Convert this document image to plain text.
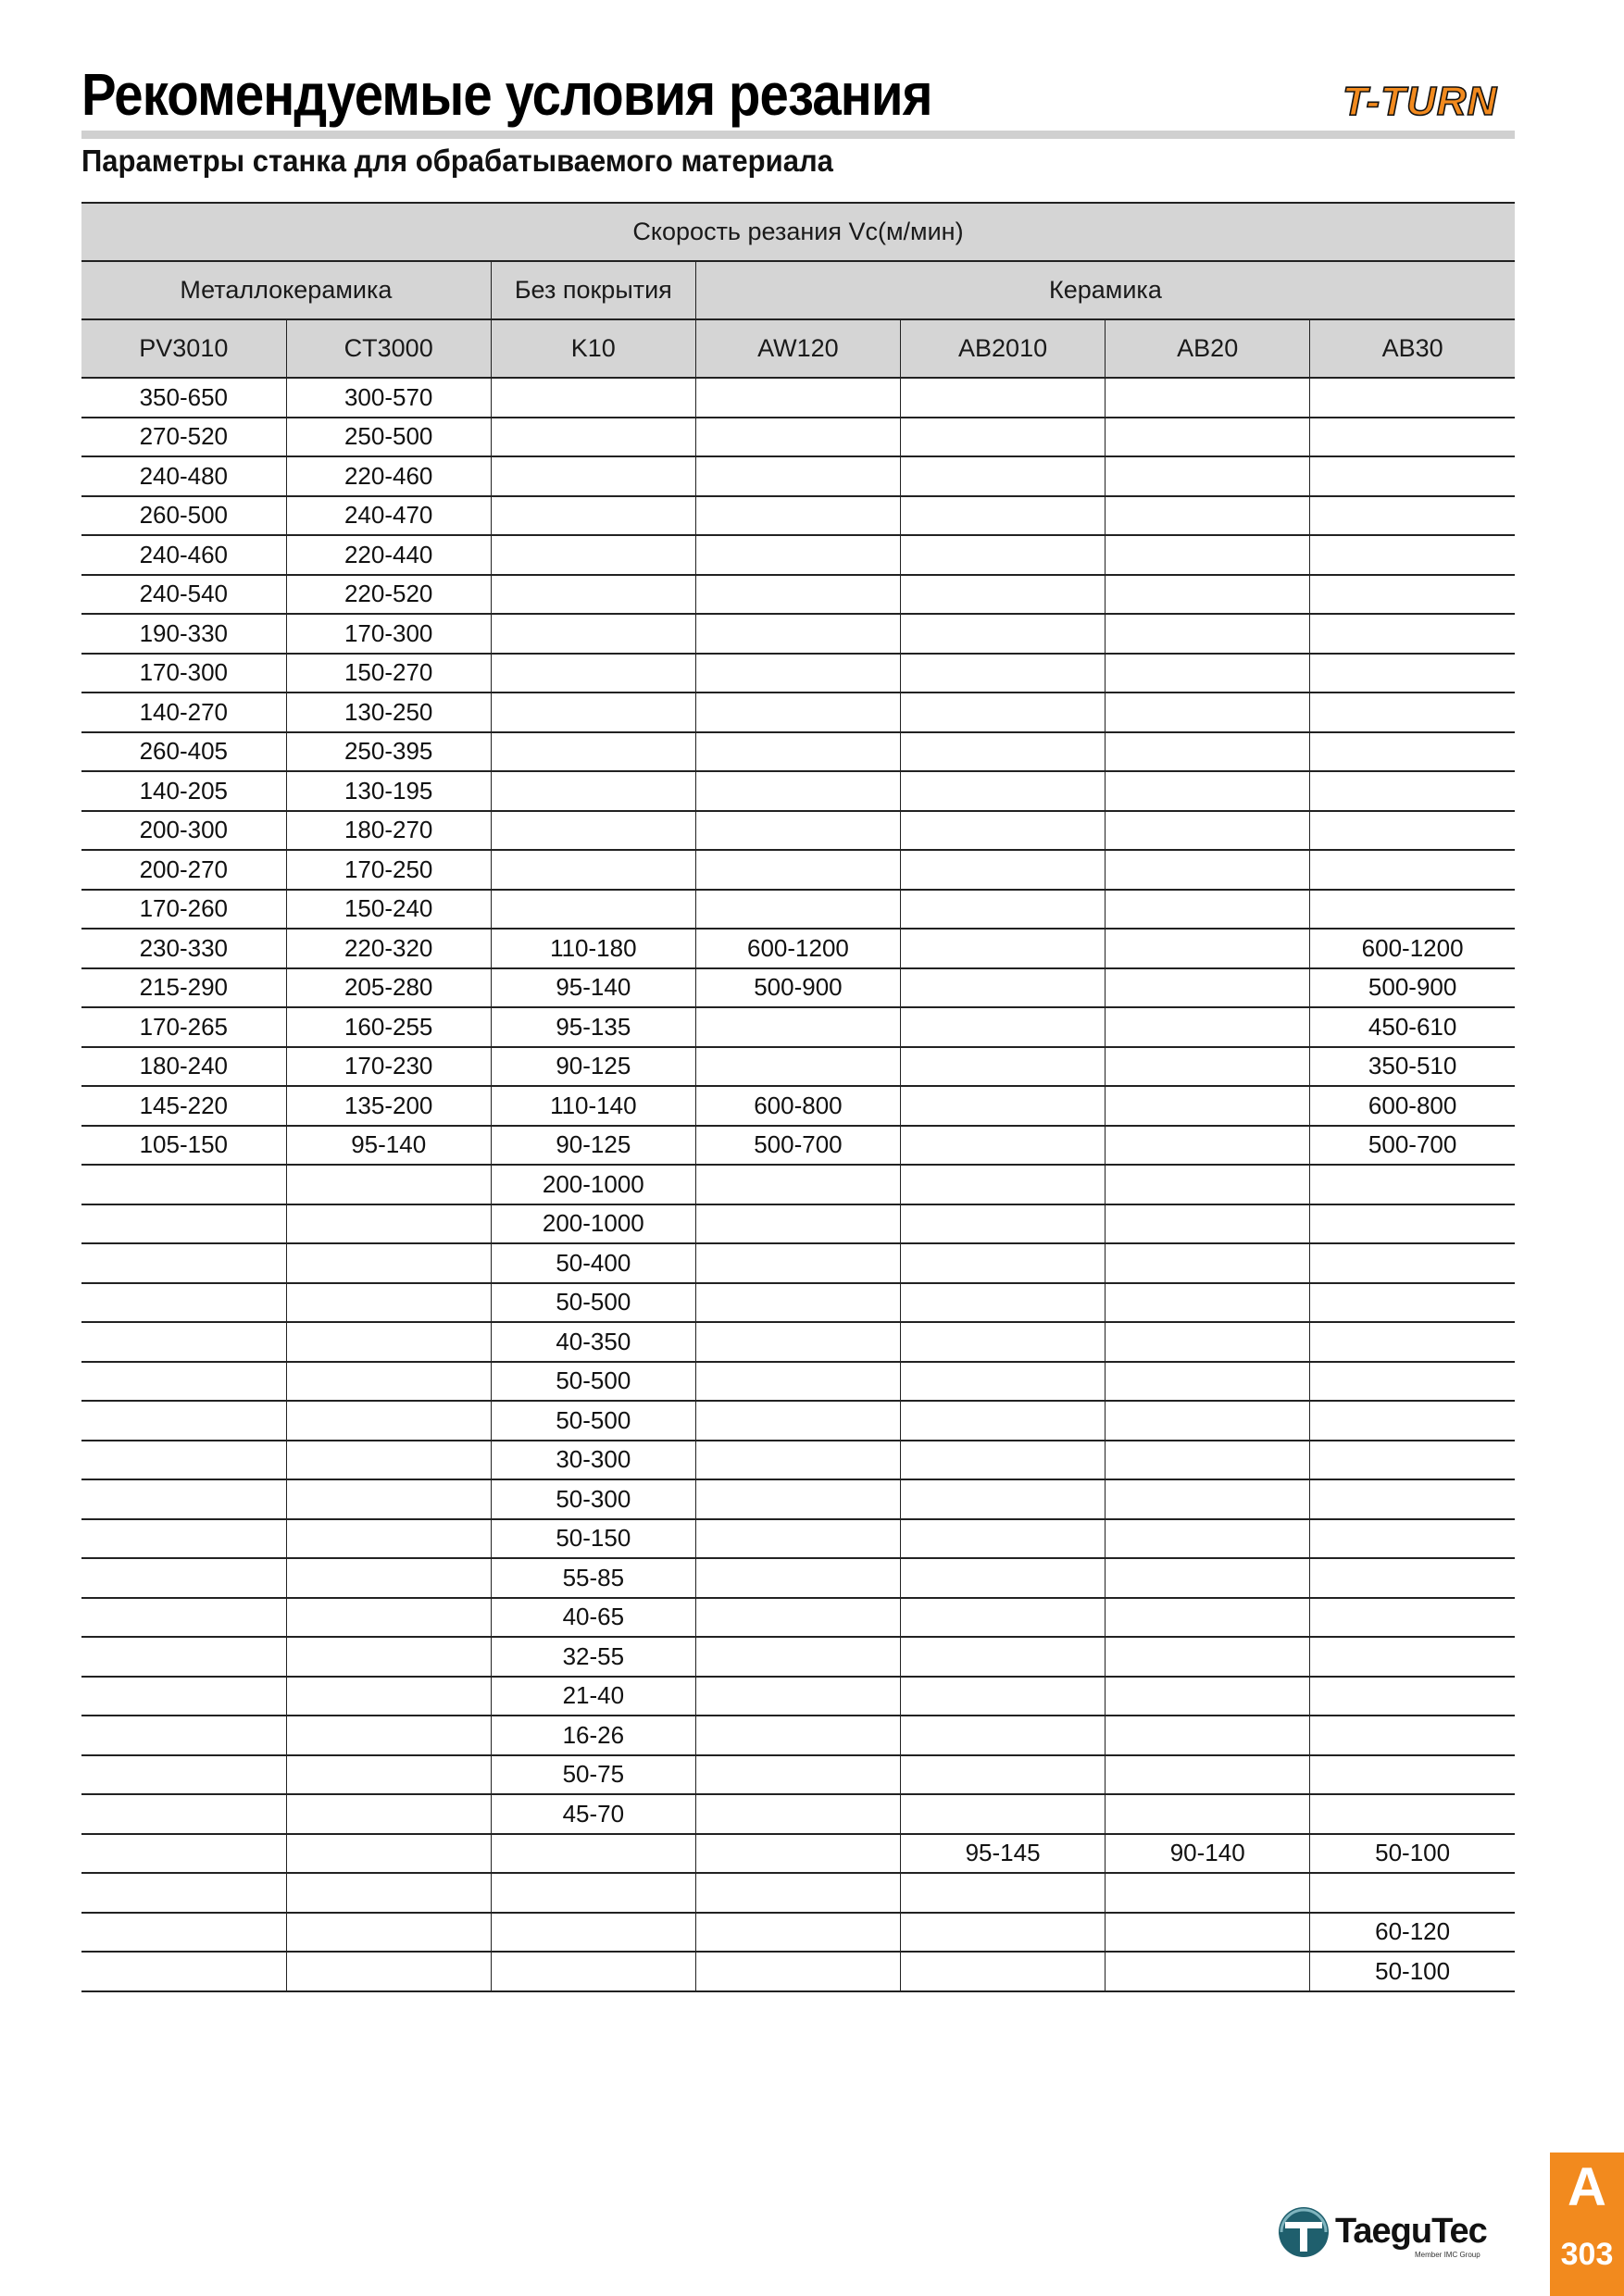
Рекомендуемые условия резания	T-TURN
Параметры станка для обрабатываемого материала
Скорость резания Vc(м/мин)						
Металлокерамика		Без покрытия	Керамика			
PV3010	CT3000	K10	AW120	AB2010	AB20	AB30
350-650	300-570					
270-520	250-500					
240-480	220-460					
260-500	240-470					
240-460	220-440					
240-540	220-520					
190-330	170-300					
170-300	150-270					
140-270	130-250					
260-405	250-395					
140-205	130-195					
200-300	180-270					
200-270	170-250					
170-260	150-240					
230-330	220-320	110-180	600-1200			600-1200
215-290	205-280	95-140	500-900			500-900
170-265	160-255	95-135				450-610
180-240	170-230	90-125				350-510
145-220	135-200	110-140	600-800			600-800
105-150	95-140	90-125	500-700			500-700
		200-1000				
		200-1000				
		50-400				
		50-500				
		40-350				
		50-500				
		50-500				
		30-300				
		50-300				
		50-150				
		55-85				
		40-65				
		32-55				
		21-40				
		16-26				
		50-75				
		45-70				
				95-145	90-140	50-100

						60-120
						50-100
TaeguTec
Member IMC Group
A
303
